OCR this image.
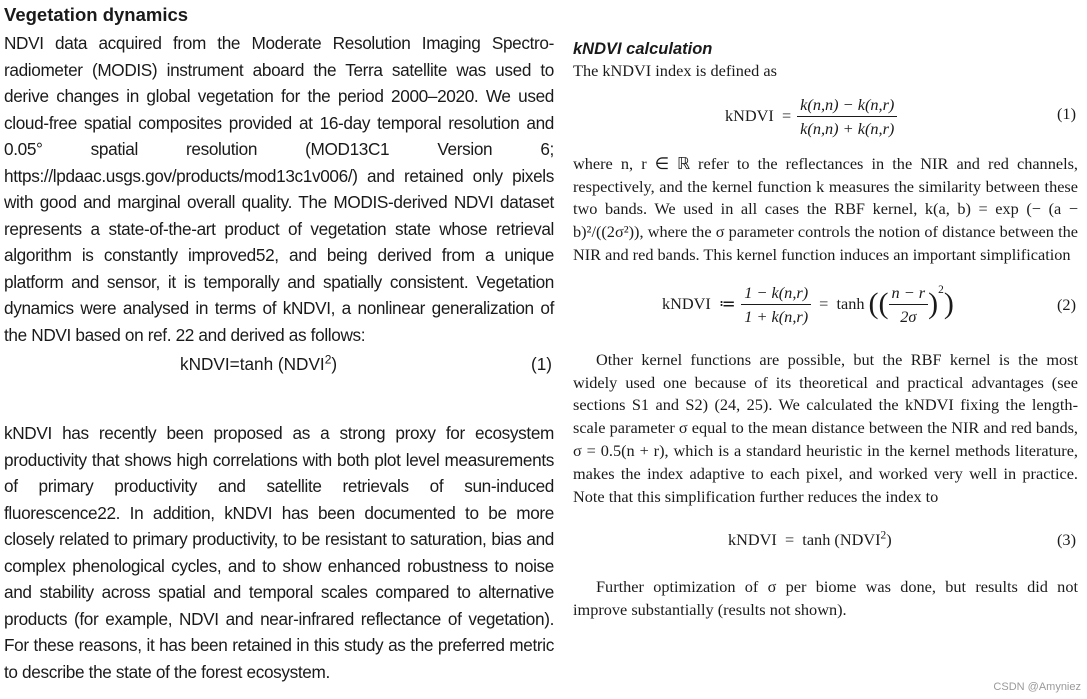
Vegetation dynamics

NDVI data acquired from the Moderate Resolution Imaging Spectro-radiometer (MODIS) instrument aboard the Terra satellite was used to derive changes in global vegetation for the period 2000–2020. We used cloud-free spatial composites provided at 16-day temporal resolution and 0.05° spatial resolution (MOD13C1 Version 6; https://lpdaac.usgs.gov/products/mod13c1v006/) and retained only pixels with good and marginal overall quality. The MODIS-derived NDVI dataset represents a state-of-the-art product of vegetation state whose retrieval algorithm is constantly improved52, and being derived from a unique platform and sensor, it is temporally and spatially consistent. Vegetation dynamics were analysed in terms of kNDVI, a nonlinear generalization of the NDVI based on ref. 22 and derived as follows:

kNDVI=tanh (NDVI$^2$)	(1)

kNDVI has recently been proposed as a strong proxy for ecosystem productivity that shows high correlations with both plot level measurements of primary productivity and satellite retrievals of sun-induced fluorescence22. In addition, kNDVI has been documented to be more closely related to primary productivity, to be resistant to saturation, bias and complex phenological cycles, and to show enhanced robustness to noise and stability across spatial and temporal scales compared to alternative products (for example, NDVI and near-infrared reflectance of vegetation). For these reasons, it has been retained in this study as the preferred metric to describe the state of the forest ecosystem.

kNDVI calculation

The kNDVI index is defined as

kNDVI  = $\frac{k(n,n) - k(n,r)}{k(n,n) + k(n,r)}$	(1)

where n, r ∈ ℝ refer to the reflectances in the NIR and red channels, respectively, and the kernel function k measures the similarity between these two bands. We used in all cases the RBF kernel, k(a, b) = exp (− (a − b)²/((2σ²)), where the σ parameter controls the notion of distance between the NIR and red bands. This kernel function induces an important simplification

kNDVI  ≔ $\frac{1 - k(n,r)}{1 + k(n,r)} = \tanh$ (( $\frac{n - r}{2\sigma} )^2$ )	(2)

Other kernel functions are possible, but the RBF kernel is the most widely used one because of its theoretical and practical advantages (see sections S1 and S2) (24, 25). We calculated the kNDVI fixing the length-scale parameter σ equal to the mean distance between the NIR and red bands, σ = 0.5(n + r), which is a standard heuristic in the kernel methods literature, makes the index adaptive to each pixel, and worked very well in practice. Note that this simplification further reduces the index to

kNDVI  =  tanh (NDVI$^2$)	(3)

Further optimization of σ per biome was done, but results did not improve substantially (results not shown).

CSDN @Amyniez
